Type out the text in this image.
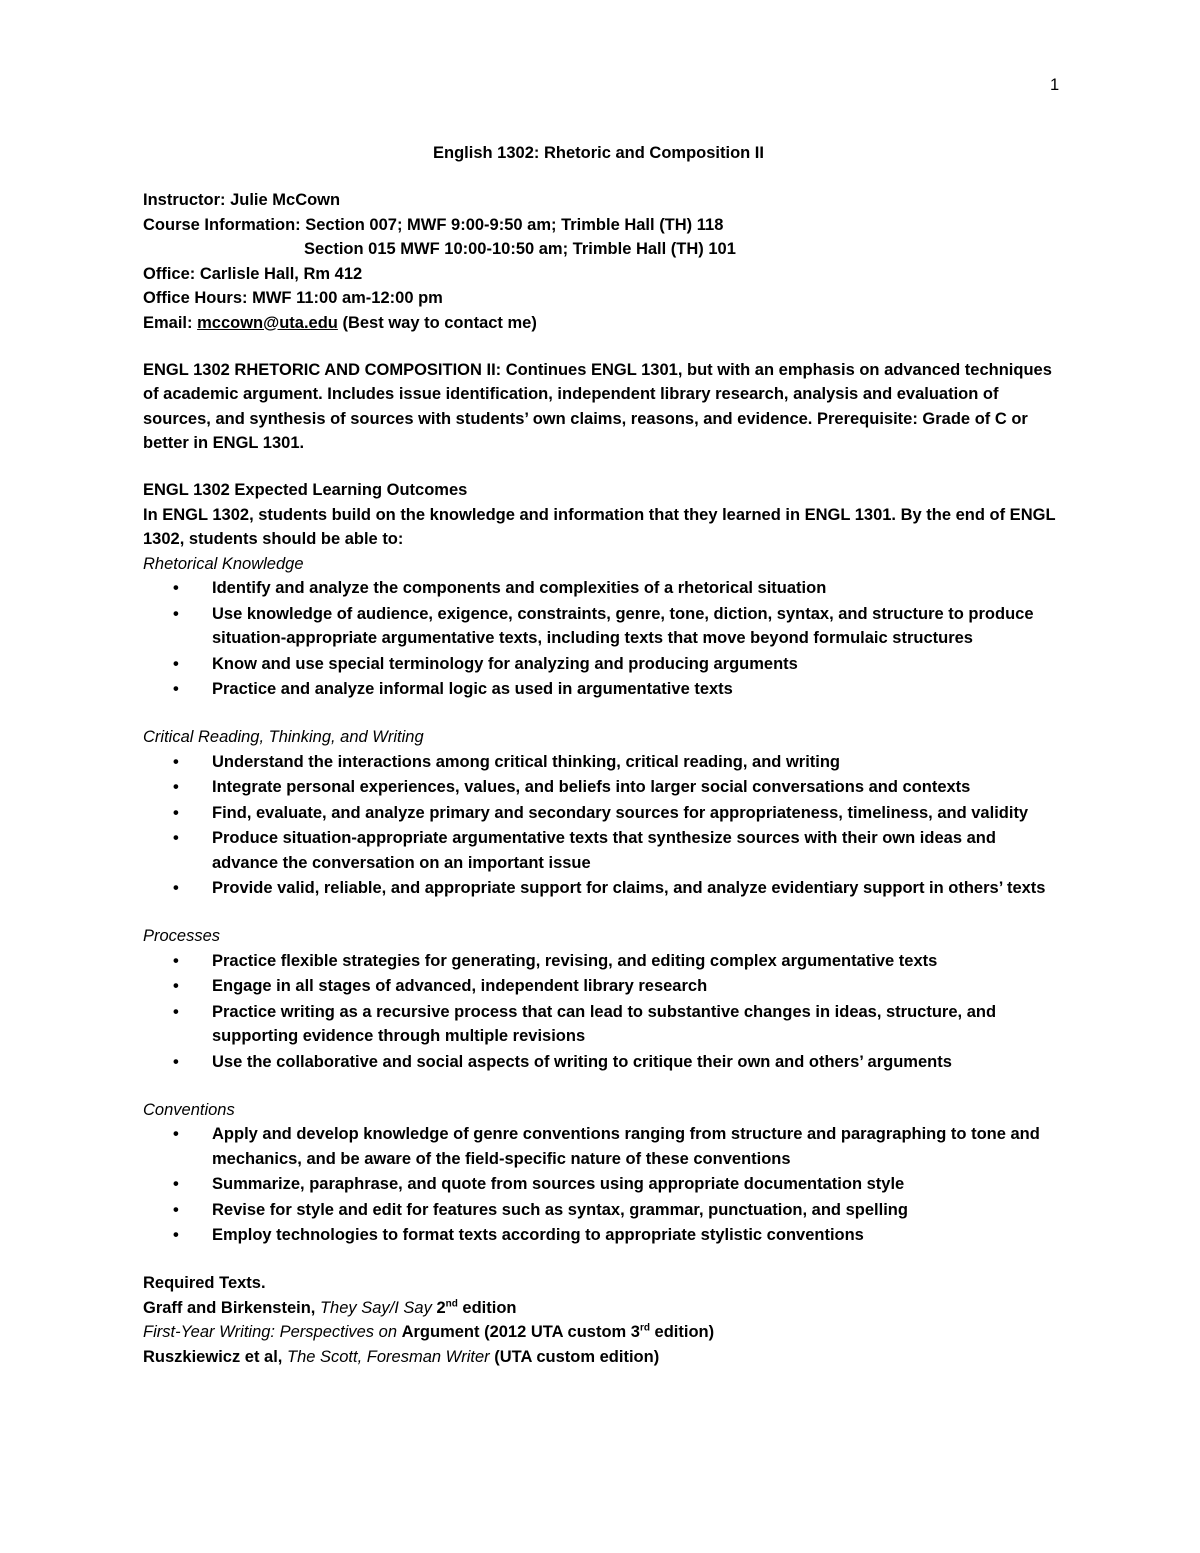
1

English 1302: Rhetoric and Composition II

Instructor: Julie McCown

Course Information: Section 007; MWF 9:00-9:50 am; Trimble Hall (TH) 118

Section 015 MWF 10:00-10:50 am; Trimble Hall (TH) 101

Office: Carlisle Hall, Rm 412

Office Hours: MWF 11:00 am-12:00 pm

Email: mccown@uta.edu (Best way to contact me)

ENGL 1302 RHETORIC AND COMPOSITION II: Continues ENGL 1301, but with an emphasis on advanced techniques of academic argument. Includes issue identification, independent library research, analysis and evaluation of sources, and synthesis of sources with students’ own claims, reasons, and evidence. Prerequisite: Grade of C or better in ENGL 1301.

ENGL 1302 Expected Learning Outcomes

In ENGL 1302, students build on the knowledge and information that they learned in ENGL 1301. By the end of ENGL 1302, students should be able to:

Rhetorical Knowledge

• Identify and analyze the components and complexities of a rhetorical situation
• Use knowledge of audience, exigence, constraints, genre, tone, diction, syntax, and structure to produce situation-appropriate argumentative texts, including texts that move beyond formulaic structures
• Know and use special terminology for analyzing and producing arguments
• Practice and analyze informal logic as used in argumentative texts

Critical Reading, Thinking, and Writing

• Understand the interactions among critical thinking, critical reading, and writing
• Integrate personal experiences, values, and beliefs into larger social conversations and contexts
• Find, evaluate, and analyze primary and secondary sources for appropriateness, timeliness, and validity
• Produce situation-appropriate argumentative texts that synthesize sources with their own ideas and advance the conversation on an important issue
• Provide valid, reliable, and appropriate support for claims, and analyze evidentiary support in others’ texts

Processes

• Practice flexible strategies for generating, revising, and editing complex argumentative texts
• Engage in all stages of advanced, independent library research
• Practice writing as a recursive process that can lead to substantive changes in ideas, structure, and supporting evidence through multiple revisions
• Use the collaborative and social aspects of writing to critique their own and others’ arguments

Conventions

• Apply and develop knowledge of genre conventions ranging from structure and paragraphing to tone and mechanics, and be aware of the field-specific nature of these conventions
• Summarize, paraphrase, and quote from sources using appropriate documentation style
• Revise for style and edit for features such as syntax, grammar, punctuation, and spelling
• Employ technologies to format texts according to appropriate stylistic conventions

Required Texts.

Graff and Birkenstein, They Say/I Say 2nd edition

First-Year Writing: Perspectives on Argument (2012 UTA custom 3rd edition)

Ruszkiewicz et al, The Scott, Foresman Writer (UTA custom edition)
